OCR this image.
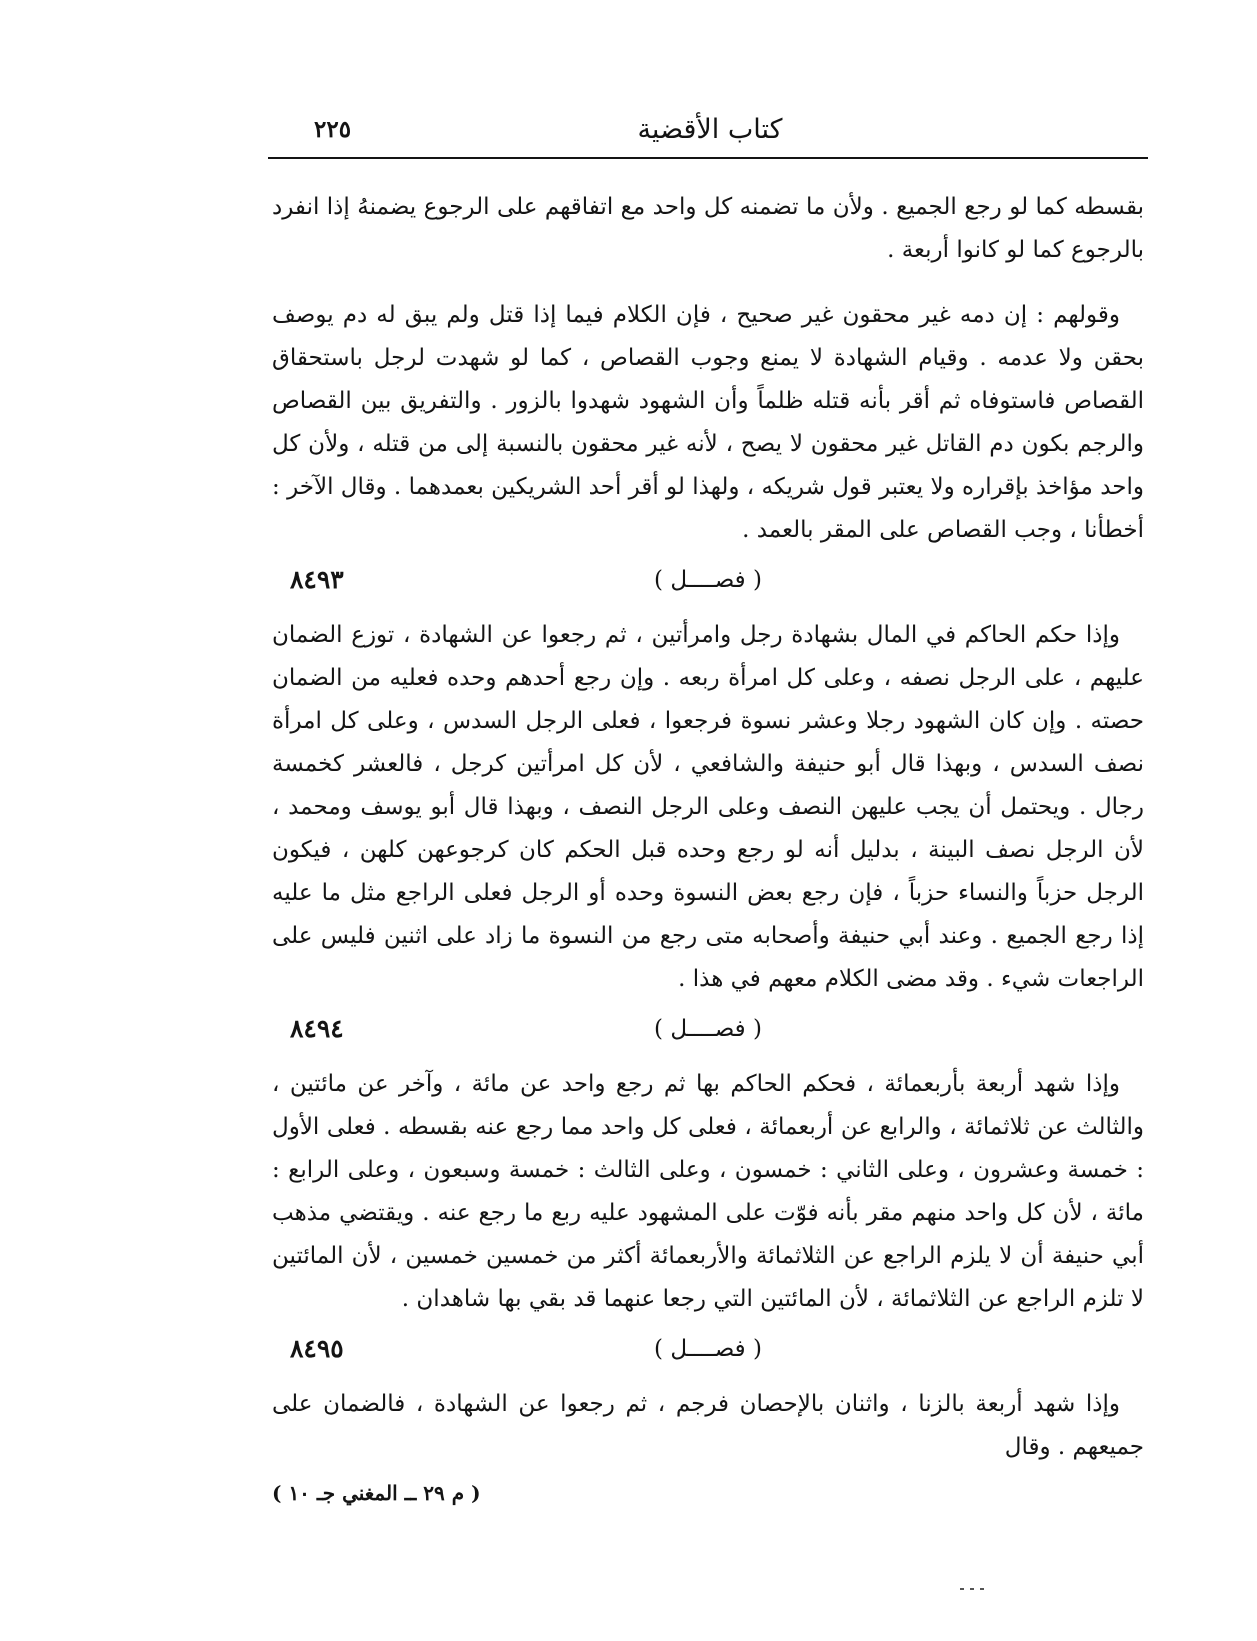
كتاب الأقضية
٢٢٥

بقسطه كما لو رجع الجميع . ولأن ما تضمنه كل واحد مع اتفاقهم على الرجوع يضمنهُ إذا انفرد بالرجوع كما لو كانوا أربعة .

وقولهم : إن دمه غير محقون غير صحيح ، فإن الكلام فيما إذا قتل ولم يبق له دم يوصف بحقن ولا عدمه . وقيام الشهادة لا يمنع وجوب القصاص ، كما لو شهدت لرجل باستحقاق القصاص فاستوفاه ثم أقر بأنه قتله ظلماً وأن الشهود شهدوا بالزور . والتفريق بين القصاص والرجم بكون دم القاتل غير محقون لا يصح ، لأنه غير محقون بالنسبة إلى من قتله ، ولأن كل واحد مؤاخذ بإقراره ولا يعتبر قول شريكه ، ولهذا لو أقر أحد الشريكين بعمدهما . وقال الآخر : أخطأنا ، وجب القصاص على المقر بالعمد .

٨٤٩٣	( فصــــل )

وإذا حكم الحاكم في المال بشهادة رجل وامرأتين ، ثم رجعوا عن الشهادة ، توزع الضمان عليهم ، على الرجل نصفه ، وعلى كل امرأة ربعه . وإن رجع أحدهم وحده فعليه من الضمان حصته . وإن كان الشهود رجلا وعشر نسوة فرجعوا ، فعلى الرجل السدس ، وعلى كل امرأة نصف السدس ، وبهذا قال أبو حنيفة والشافعي ، لأن كل امرأتين كرجل ، فالعشر كخمسة رجال . ويحتمل أن يجب عليهن النصف وعلى الرجل النصف ، وبهذا قال أبو يوسف ومحمد ، لأن الرجل نصف البينة ، بدليل أنه لو رجع وحده قبل الحكم كان كرجوعهن كلهن ، فيكون الرجل حزباً والنساء حزباً ، فإن رجع بعض النسوة وحده أو الرجل فعلى الراجع مثل ما عليه إذا رجع الجميع . وعند أبي حنيفة وأصحابه متى رجع من النسوة ما زاد على اثنين فليس على الراجعات شيء . وقد مضى الكلام معهم في هذا .

٨٤٩٤	( فصــــل )

وإذا شهد أربعة بأربعمائة ، فحكم الحاكم بها ثم رجع واحد عن مائة ، وآخر عن مائتين ، والثالث عن ثلاثمائة ، والرابع عن أربعمائة ، فعلى كل واحد مما رجع عنه بقسطه . فعلى الأول : خمسة وعشرون ، وعلى الثاني : خمسون ، وعلى الثالث : خمسة وسبعون ، وعلى الرابع : مائة ، لأن كل واحد منهم مقر بأنه فوّت على المشهود عليه ربع ما رجع عنه . ويقتضي مذهب أبي حنيفة أن لا يلزم الراجع عن الثلاثمائة والأربعمائة أكثر من خمسين خمسين ، لأن المائتين لا تلزم الراجع عن الثلاثمائة ، لأن المائتين التي رجعا عنهما قد بقي بها شاهدان .

٨٤٩٥	( فصــــل )

وإذا شهد أربعة بالزنا ، واثنان بالإحصان فرجم ، ثم رجعوا عن الشهادة ، فالضمان على جميعهم . وقال

( م ٢٩ ــ المغني جـ ١٠ )
